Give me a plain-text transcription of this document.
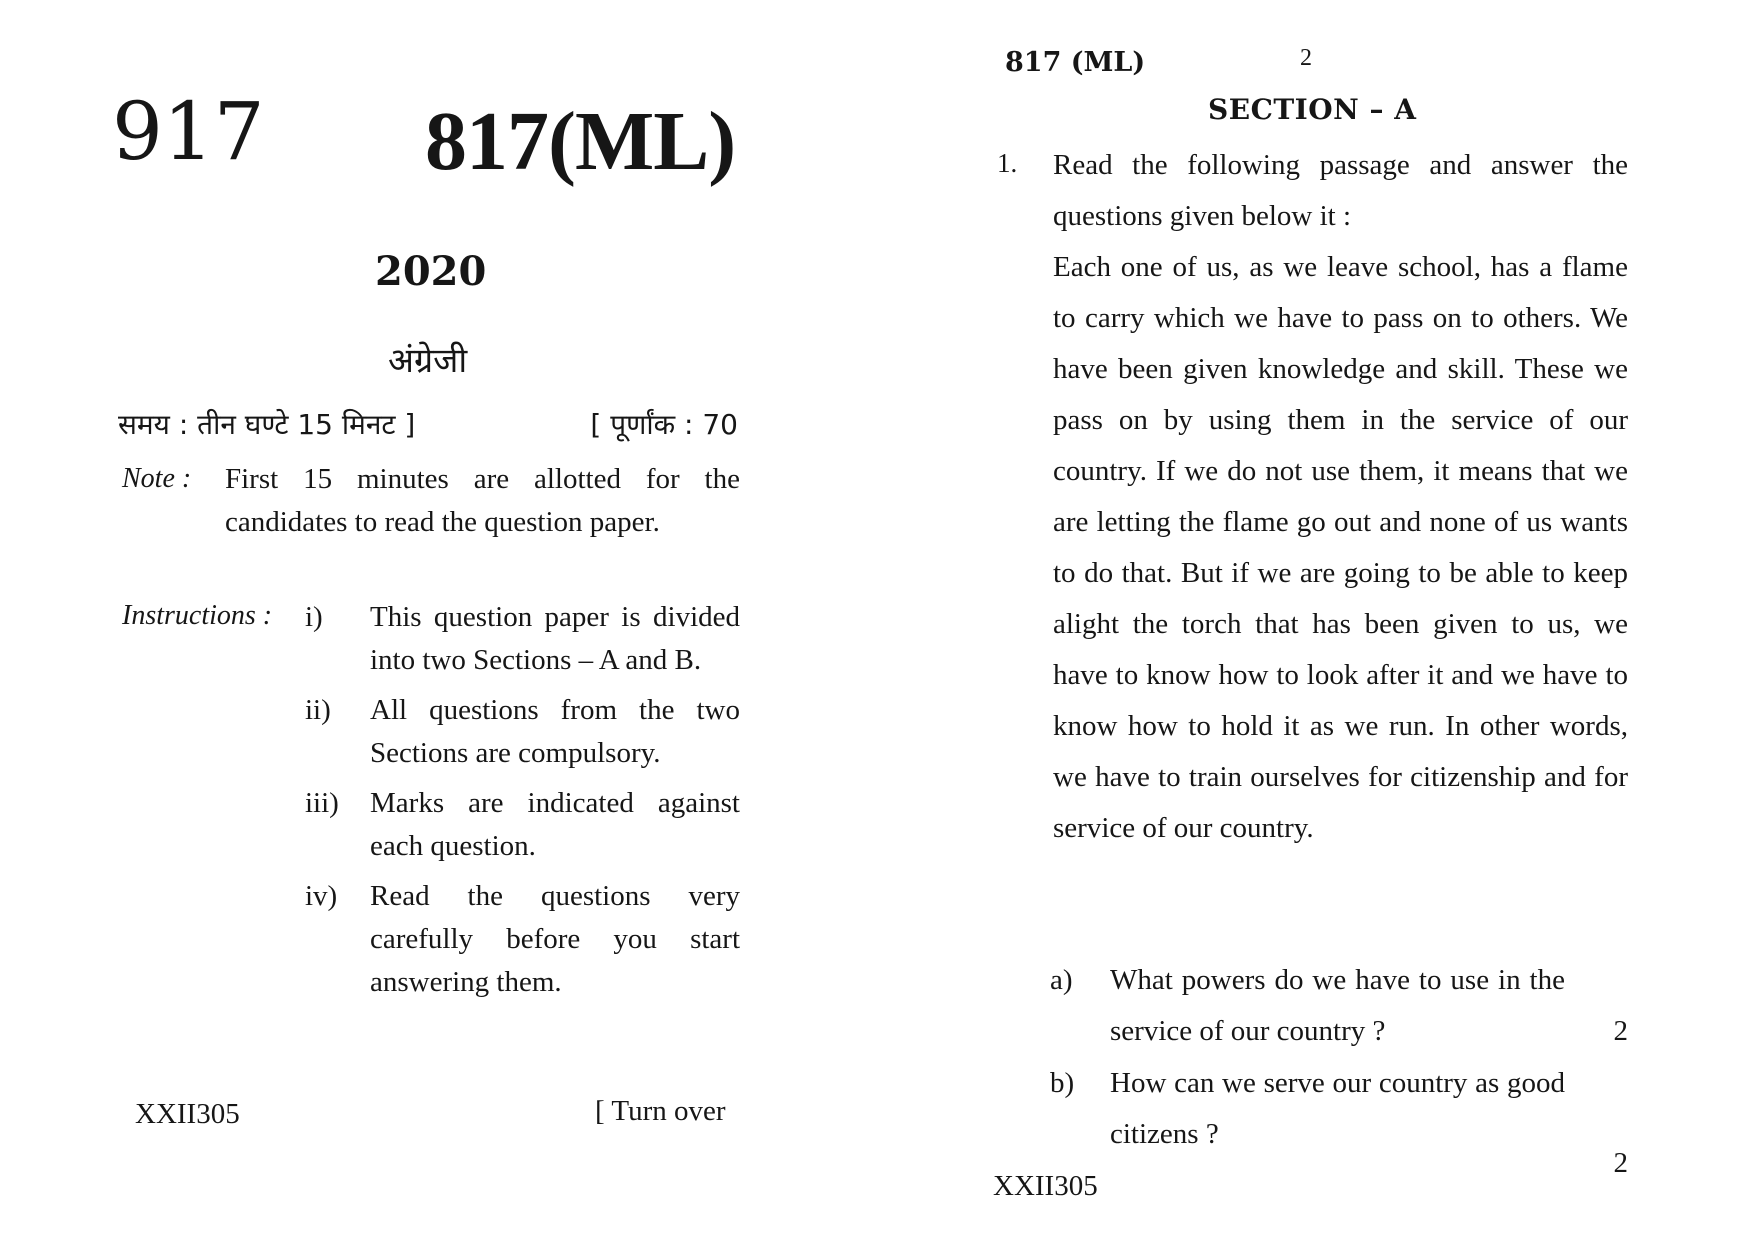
917 817(ML)
2020
अंग्रेजी
समय : तीन घण्टे 15 मिनट ]	[ पूर्णांक : 70
Note : First 15 minutes are allotted for the candidates to read the question paper.
Instructions : i)	This question paper is divided into two Sections – A and B.
ii)	All questions from the two Sections are compulsory.
iii)	Marks are indicated against each question.
iv)	Read the questions very carefully before you start answering them.
XXII305	[ Turn over
817 (ML)	2
SECTION – A
1. Read the following passage and answer the questions given below it :

Each one of us, as we leave school, has a flame to carry which we have to pass on to others. We have been given knowledge and skill. These we pass on by using them in the service of our country. If we do not use them, it means that we are letting the flame go out and none of us wants to do that. But if we are going to be able to keep alight the torch that has been given to us, we have to know how to look after it and we have to know how to hold it as we run. In other words, we have to train ourselves for citizenship and for service of our country.

a) What powers do we have to use in the service of our country ?	2
b) How can we serve our country as good citizens ?
2
XXII305
